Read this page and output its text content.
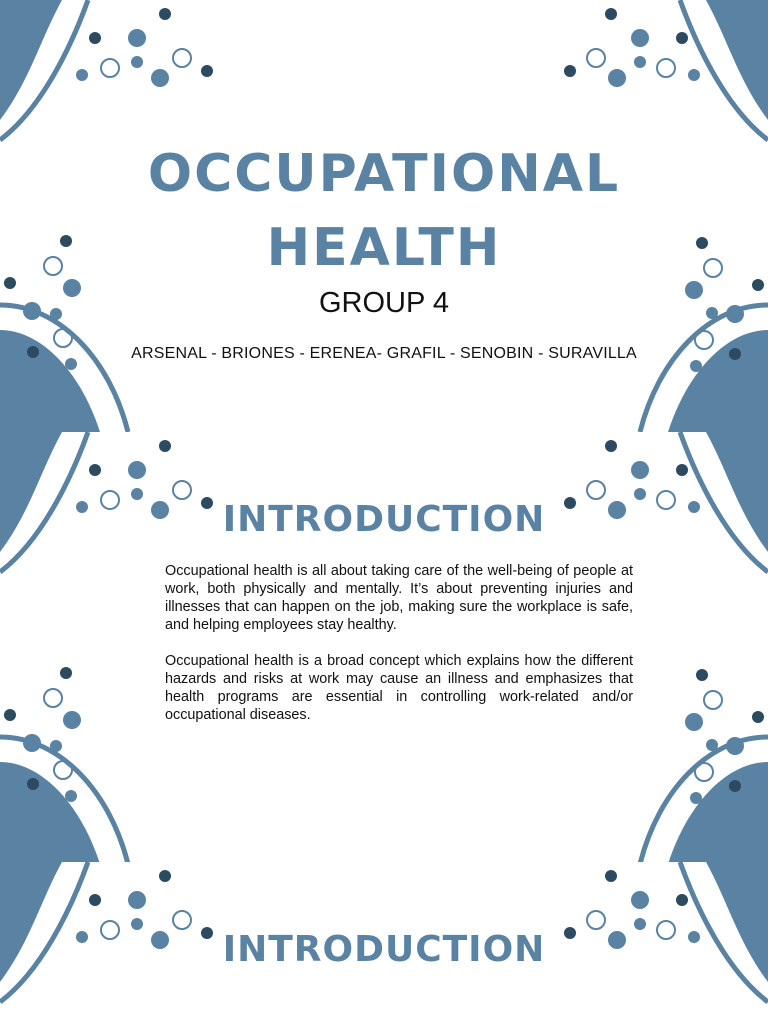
OCCUPATIONAL
HEALTH
GROUP 4
ARSENAL - BRIONES - ERENEA- GRAFIL - SENOBIN - SURAVILLA
INTRODUCTION

Occupational health is all about taking care of the well-being of people at work, both physically and mentally. It’s about preventing injuries and illnesses that can happen on the job, making sure the workplace is safe, and helping employees stay healthy.

Occupational health is a broad concept which explains how the different hazards and risks at work may cause an illness and emphasizes that health programs are essential in controlling work-related and/or occupational diseases.

INTRODUCTION
